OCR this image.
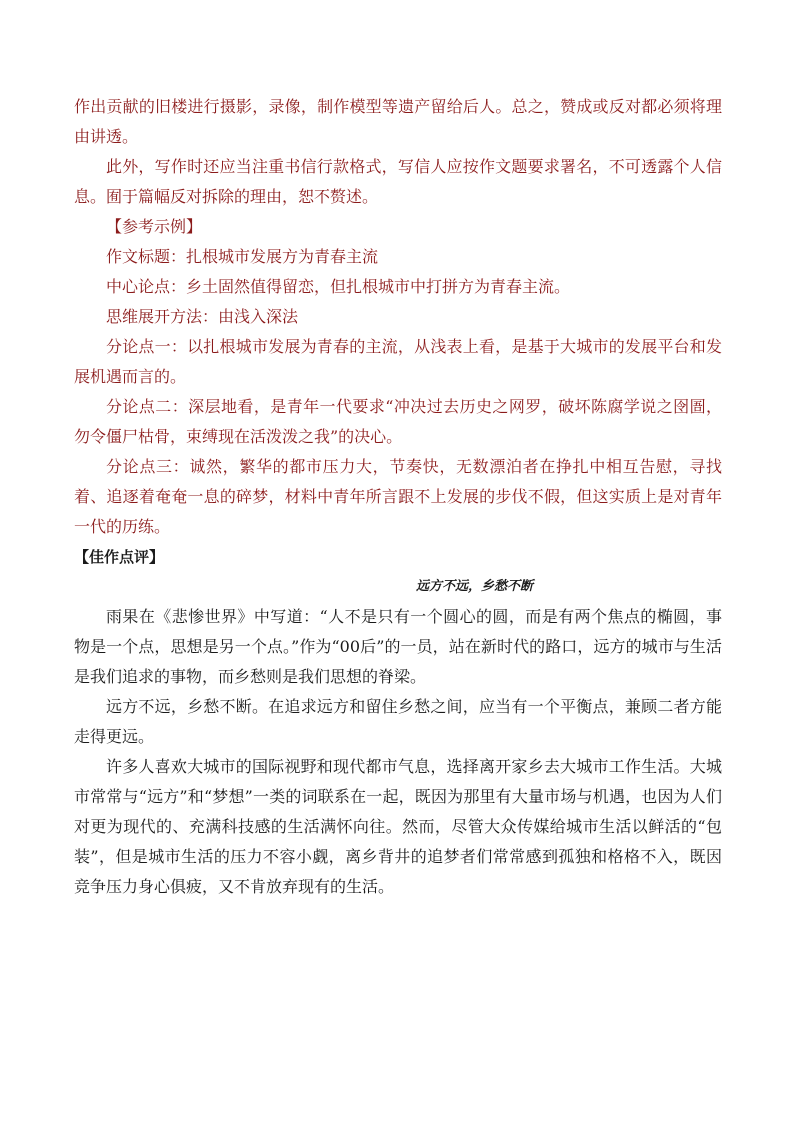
作出贡献的旧楼进行摄影，录像，制作模型等遗产留给后人。总之，赞成或反对都必须将理由讲透。

此外，写作时还应当注重书信行款格式，写信人应按作文题要求署名，不可透露个人信息。囿于篇幅反对拆除的理由，恕不赘述。

【参考示例】

作文标题：扎根城市发展方为青春主流

中心论点：乡土固然值得留恋，但扎根城市中打拼方为青春主流。

思维展开方法：由浅入深法

分论点一：以扎根城市发展为青春的主流，从浅表上看，是基于大城市的发展平台和发展机遇而言的。

分论点二：深层地看，是青年一代要求“冲决过去历史之网罗，破坏陈腐学说之囹圄，勿令僵尸枯骨，束缚现在活泼泼之我”的决心。

分论点三：诚然，繁华的都市压力大，节奏快，无数漂泊者在挣扎中相互告慰，寻找着、追逐着奄奄一息的碎梦，材料中青年所言跟不上发展的步伐不假，但这实质上是对青年一代的历练。

【佳作点评】

远方不远，乡愁不断

雨果在《悲惨世界》中写道：“人不是只有一个圆心的圆，而是有两个焦点的椭圆，事物是一个点，思想是另一个点。”作为“00后”的一员，站在新时代的路口，远方的城市与生活是我们追求的事物，而乡愁则是我们思想的脊梁。

远方不远，乡愁不断。在追求远方和留住乡愁之间，应当有一个平衡点，兼顾二者方能走得更远。

许多人喜欢大城市的国际视野和现代都市气息，选择离开家乡去大城市工作生活。大城市常常与“远方”和“梦想”一类的词联系在一起，既因为那里有大量市场与机遇，也因为人们对更为现代的、充满科技感的生活满怀向往。然而，尽管大众传媒给城市生活以鲜活的“包装”，但是城市生活的压力不容小觑，离乡背井的追梦者们常常感到孤独和格格不入，既因竞争压力身心俱疲，又不肯放弃现有的生活。
